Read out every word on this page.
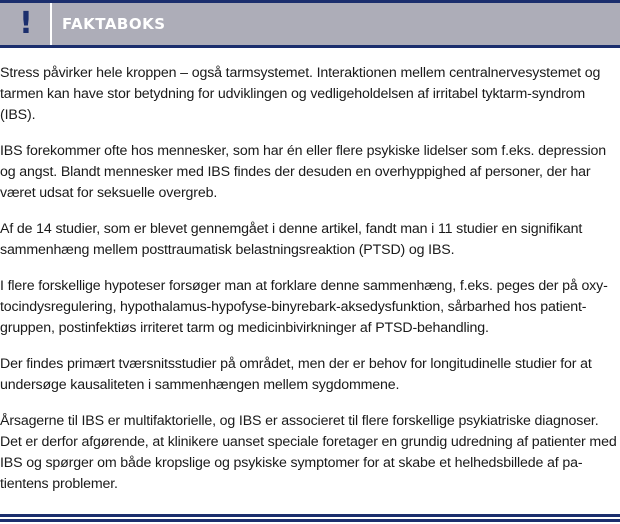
!	FAKTABOKS

Stress påvirker hele kroppen – også tarmsystemet. Interaktionen mellem centralnervesystemet og tarmen kan have stor betydning for udviklingen og vedligeholdelsen af irritabel tyktarm-syndrom (IBS).

IBS forekommer ofte hos mennesker, som har én eller flere psykiske lidelser som f.eks. depression og angst. Blandt mennesker med IBS findes der desuden en overhyppighed af personer, der har været udsat for seksuelle overgreb.

Af de 14 studier, som er blevet gennemgået i denne artikel, fandt man i 11 studier en signifikant sammenhæng mellem posttraumatisk belastningsreaktion (PTSD) og IBS.

I flere forskellige hypoteser forsøger man at forklare denne sammenhæng, f.eks. peges der på oxytocindysregulering, hypothalamus-hypofyse-binyrebark-aksedysfunktion, sårbarhed hos patientgruppen, postinfektiøs irriteret tarm og medicinbivirkninger af PTSD-behandling.

Der findes primært tværsnitsstudier på området, men der er behov for longitudinelle studier for at undersøge kausaliteten i sammenhængen mellem sygdommene.

Årsagerne til IBS er multifaktorielle, og IBS er associeret til flere forskellige psykiatriske diagnoser. Det er derfor afgørende, at klinikere uanset speciale foretager en grundig udredning af patienter med IBS og spørger om både kropslige og psykiske symptomer for at skabe et helhedsbillede af patientens problemer.
